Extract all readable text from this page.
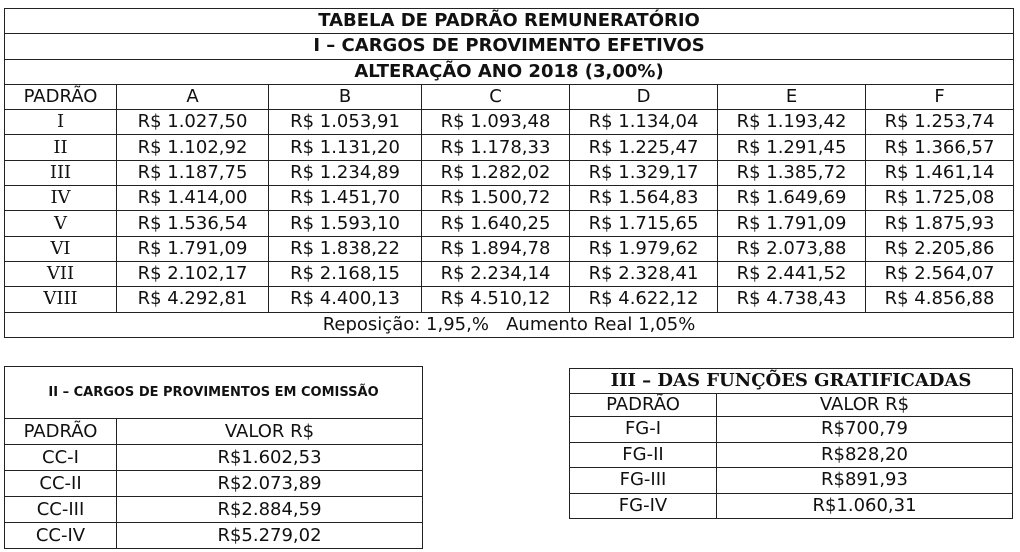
TABELA DE PADRÃO REMUNERATÓRIO						
I – CARGOS DE PROVIMENTO EFETIVOS						
ALTERAÇÃO ANO 2018 (3,00%)						
PADRÃO	A	B	C	D	E	F
I	R$ 1.027,50	R$ 1.053,91	R$ 1.093,48	R$ 1.134,04	R$ 1.193,42	R$ 1.253,74
II	R$ 1.102,92	R$ 1.131,20	R$ 1.178,33	R$ 1.225,47	R$ 1.291,45	R$ 1.366,57
III	R$ 1.187,75	R$ 1.234,89	R$ 1.282,02	R$ 1.329,17	R$ 1.385,72	R$ 1.461,14
IV	R$ 1.414,00	R$ 1.451,70	R$ 1.500,72	R$ 1.564,83	R$ 1.649,69	R$ 1.725,08
V	R$ 1.536,54	R$ 1.593,10	R$ 1.640,25	R$ 1.715,65	R$ 1.791,09	R$ 1.875,93
VI	R$ 1.791,09	R$ 1.838,22	R$ 1.894,78	R$ 1.979,62	R$ 2.073,88	R$ 2.205,86
VII	R$ 2.102,17	R$ 2.168,15	R$ 2.234,14	R$ 2.328,41	R$ 2.441,52	R$ 2.564,07
VIII	R$ 4.292,81	R$ 4.400,13	R$ 4.510,12	R$ 4.622,12	R$ 4.738,43	R$ 4.856,88
Reposição: 1,95,%   Aumento Real 1,05%						
II – CARGOS DE PROVIMENTOS EM COMISSÃO	
PADRÃO	VALOR R$
CC-I	R$1.602,53
CC-II	R$2.073,89
CC-III	R$2.884,59
CC-IV	R$5.279,02
III – DAS FUNÇÕES GRATIFICADAS	
PADRÃO	VALOR R$
FG-I	R$700,79
FG-II	R$828,20
FG-III	R$891,93
FG-IV	R$1.060,31
